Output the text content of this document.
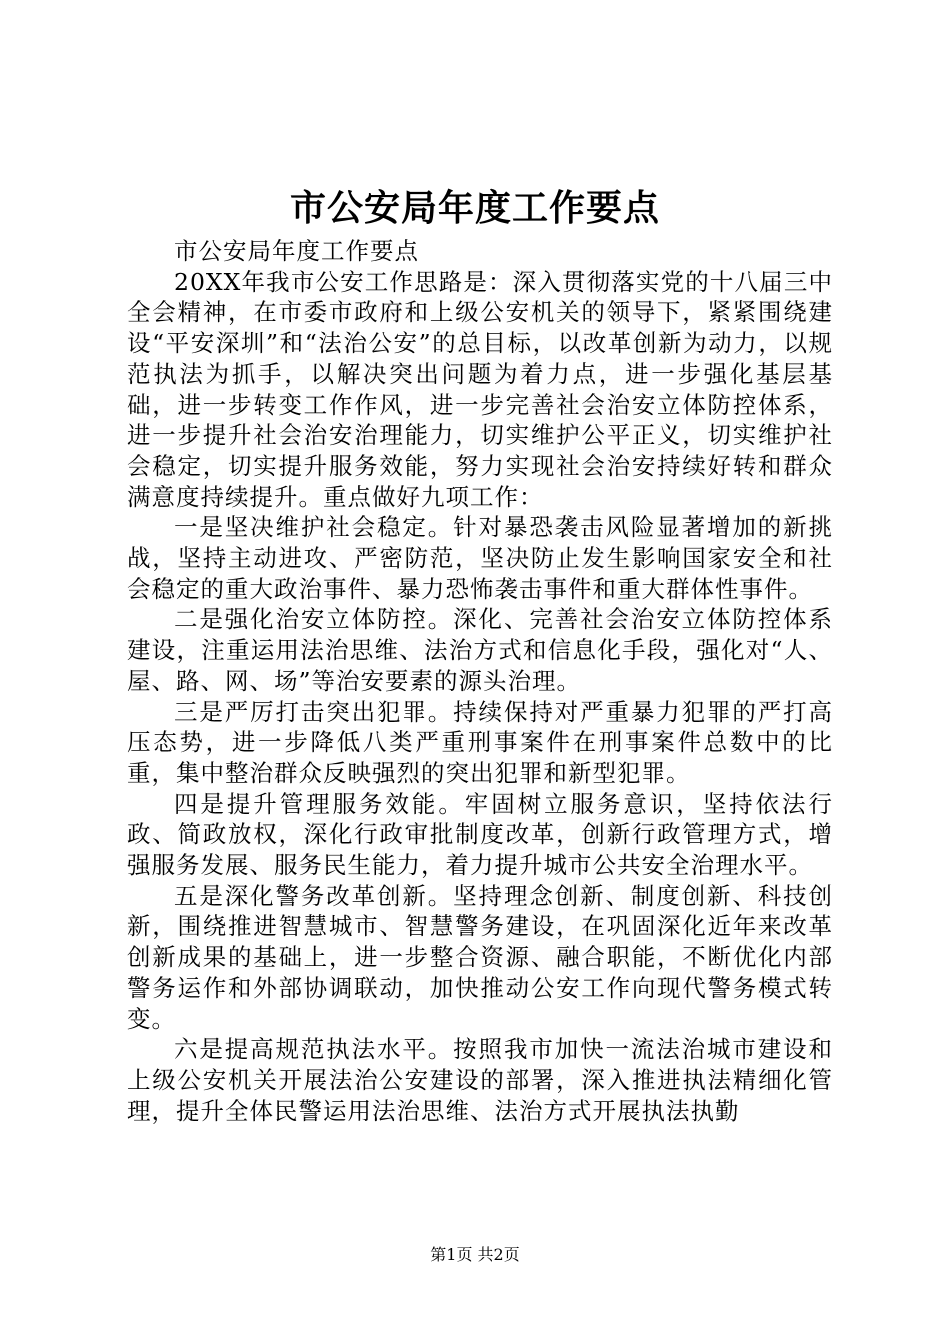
市公安局年度工作要点

市公安局年度工作要点

20XX年我市公安工作思路是：深入贯彻落实党的十八届三中全会精神，在市委市政府和上级公安机关的领导下，紧紧围绕建设“平安深圳”和“法治公安”的总目标，以改革创新为动力，以规范执法为抓手，以解决突出问题为着力点，进一步强化基层基础，进一步转变工作作风，进一步完善社会治安立体防控体系，进一步提升社会治安治理能力，切实维护公平正义，切实维护社会稳定，切实提升服务效能，努力实现社会治安持续好转和群众满意度持续提升。重点做好九项工作：

一是坚决维护社会稳定。针对暴恐袭击风险显著增加的新挑战，坚持主动进攻、严密防范，坚决防止发生影响国家安全和社会稳定的重大政治事件、暴力恐怖袭击事件和重大群体性事件。

二是强化治安立体防控。深化、完善社会治安立体防控体系建设，注重运用法治思维、法治方式和信息化手段，强化对“人、屋、路、网、场”等治安要素的源头治理。

三是严厉打击突出犯罪。持续保持对严重暴力犯罪的严打高压态势，进一步降低八类严重刑事案件在刑事案件总数中的比重，集中整治群众反映强烈的突出犯罪和新型犯罪。

四是提升管理服务效能。牢固树立服务意识，坚持依法行政、简政放权，深化行政审批制度改革，创新行政管理方式，增强服务发展、服务民生能力，着力提升城市公共安全治理水平。

五是深化警务改革创新。坚持理念创新、制度创新、科技创新，围绕推进智慧城市、智慧警务建设，在巩固深化近年来改革创新成果的基础上，进一步整合资源、融合职能，不断优化内部警务运作和外部协调联动，加快推动公安工作向现代警务模式转变。

六是提高规范执法水平。按照我市加快一流法治城市建设和上级公安机关开展法治公安建设的部署，深入推进执法精细化管理，提升全体民警运用法治思维、法治方式开展执法执勤

第1页 共2页
